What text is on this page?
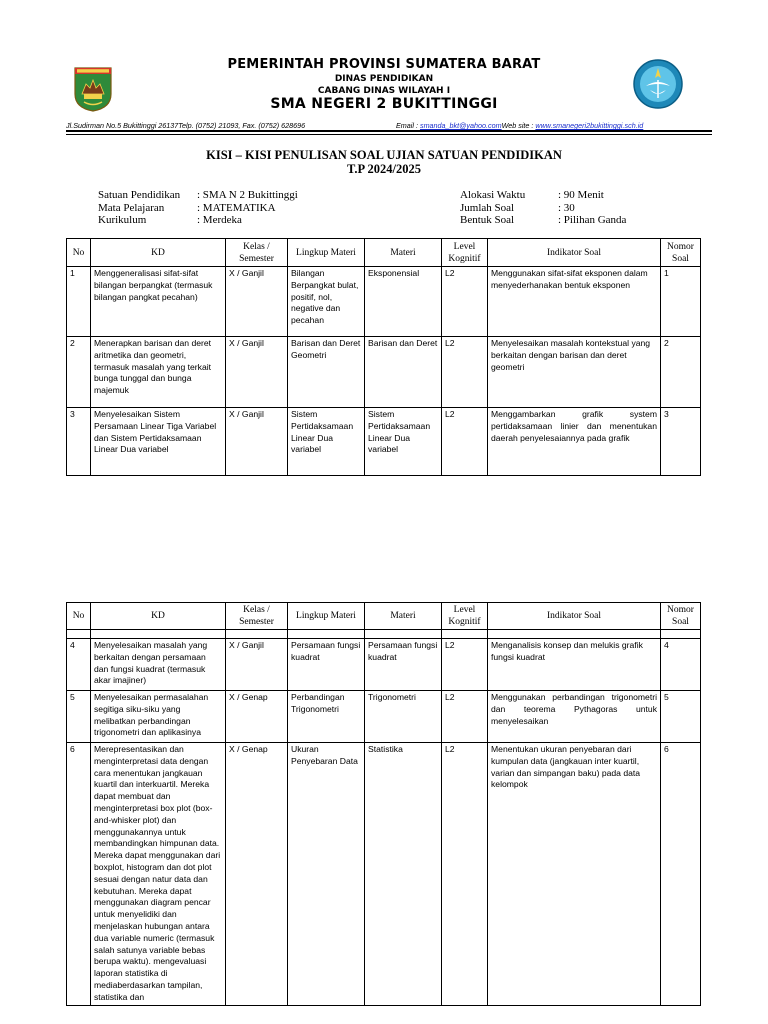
PEMERINTAH PROVINSI SUMATERA BARAT
DINAS PENDIDIKAN
CABANG DINAS WILAYAH I
SMA NEGERI 2 BUKITTINGGI
Jl.Sudirman No.5 Bukittinggi 26137Telp. (0752) 21093, Fax. (0752) 628696	Email : smanda_bkt@yahoo.comWeb site : www.smanegeri2bukittinggi.sch.id
KISI – KISI PENULISAN SOAL UJIAN SATUAN PENDIDIKAN
T.P 2024/2025
Satuan Pendidikan : SMA N 2 Bukittinggi
Mata Pelajaran	: MATEMATIKA
Kurikulum	: Merdeka
Alokasi Waktu	: 90 Menit
Jumlah Soal	: 30
Bentuk Soal	: Pilihan Ganda
No	KD	Kelas / Semester	Lingkup Materi	Materi	Level Kognitif	Indikator Soal	Nomor Soal
1	Menggeneralisasi sifat-sifat bilangan berpangkat (termasuk bilangan pangkat pecahan)	X / Ganjil	Bilangan Berpangkat bulat, positif, nol, negative dan pecahan	Eksponensial	L2	Menggunakan sifat-sifat eksponen dalam menyederhanakan bentuk eksponen	1
2	Menerapkan barisan dan deret aritmetika dan geometri, termasuk masalah yang terkait bunga tunggal dan bunga majemuk	X / Ganjil	Barisan dan Deret Geometri	Barisan dan Deret	L2	Menyelesaikan masalah kontekstual yang berkaitan dengan barisan dan deret geometri	2
3	Menyelesaikan Sistem Persamaan Linear Tiga Variabel dan Sistem Pertidaksamaan Linear Dua variabel	X / Ganjil	Sistem Pertidaksamaan Linear Dua variabel	Sistem Pertidaksamaan Linear Dua variabel	L2	Menggambarkan grafik system pertidaksamaan linier dan menentukan daerah penyelesaiannya pada grafik	3
No	KD	Kelas / Semester	Lingkup Materi	Materi	Level Kognitif	Indikator Soal	Nomor Soal

4	Menyelesaikan masalah yang berkaitan dengan persamaan dan fungsi kuadrat (termasuk akar imajiner)	X / Ganjil	Persamaan fungsi kuadrat	Persamaan fungsi kuadrat	L2	Menganalisis konsep dan melukis grafik fungsi kuadrat	4
5	Menyelesaikan permasalahan segitiga siku-siku yang melibatkan perbandingan trigonometri dan aplikasinya	X / Genap	Perbandingan Trigonometri	Trigonometri	L2	Menggunakan perbandingan trigonometri dan teorema Pythagoras untuk menyelesaikan	5
6	Merepresentasikan dan menginterpretasi data dengan cara menentukan jangkauan kuartil dan interkuartil. Mereka dapat membuat dan menginterpretasi box plot (box-and-whisker plot) dan menggunakannya untuk membandingkan himpunan data. Mereka dapat menggunakan dari boxplot, histogram dan dot plot sesuai dengan natur data dan kebutuhan. Mereka dapat menggunakan diagram pencar untuk menyelidiki dan menjelaskan hubungan antara dua variable numeric (termasuk salah satunya variable bebas berupa waktu). mengevaluasi laporan statistika di mediaberdasarkan tampilan, statistika dan	X / Genap	Ukuran Penyebaran Data	Statistika	L2	Menentukan ukuran penyebaran dari kumpulan data (jangkauan inter kuartil, varian dan simpangan baku) pada data kelompok	6
